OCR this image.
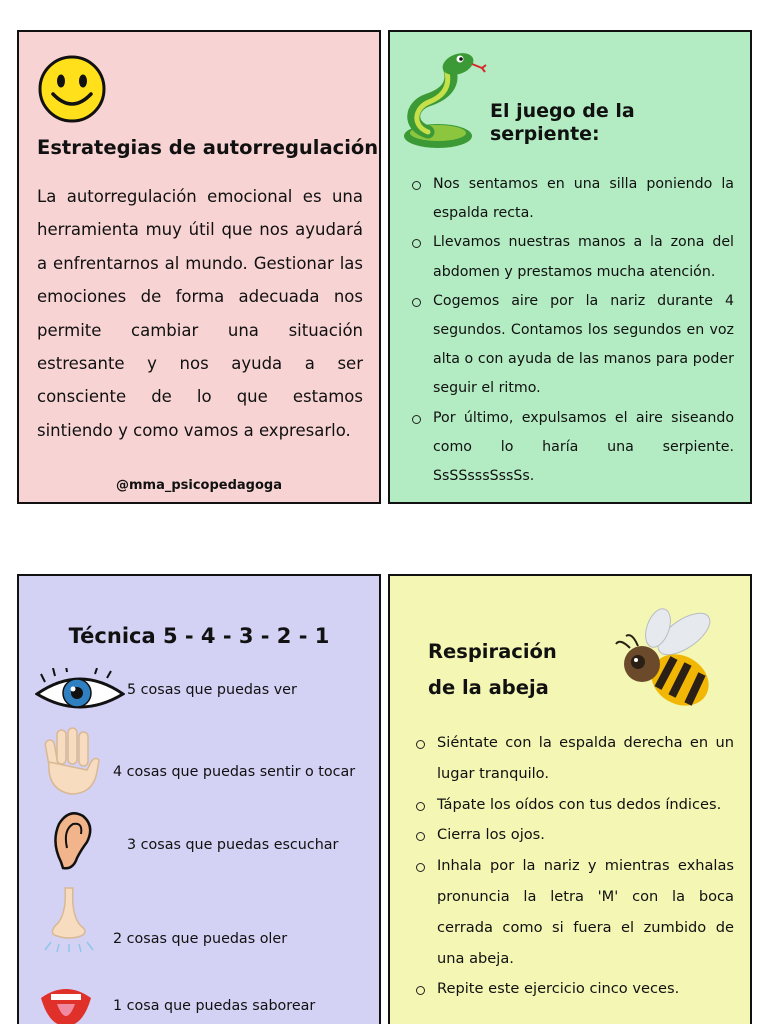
Estrategias de autorregulación
La autorregulación emocional es una herramienta muy útil que nos ayudará a enfrentarnos al mundo. Gestionar las emociones de forma adecuada nos permite cambiar una situación estresante y nos ayuda a ser consciente de lo que estamos sintiendo y como vamos a expresarlo.
@mma_psicopedagoga
El juego de la serpiente:
Nos sentamos en una silla poniendo la espalda recta.
Llevamos nuestras manos a la zona del abdomen y prestamos mucha atención.
Cogemos aire por la nariz durante 4 segundos. Contamos los segundos en voz alta o con ayuda de las manos para poder seguir el ritmo.
Por último, expulsamos el aire siseando como lo haría una serpiente. SsSSsssSssSs.
Técnica 5 - 4 - 3 - 2 - 1
5 cosas que puedas ver
4 cosas que puedas sentir o tocar
3 cosas que puedas escuchar
2 cosas que puedas oler
1 cosa que puedas saborear
Respiración
de la abeja
Siéntate con la espalda derecha en un lugar tranquilo.
Tápate los oídos con tus dedos índices.
Cierra los ojos.
Inhala por la nariz y mientras exhalas pronuncia la letra 'M' con la boca cerrada como si fuera el zumbido de una abeja.
Repite este ejercicio cinco veces.
